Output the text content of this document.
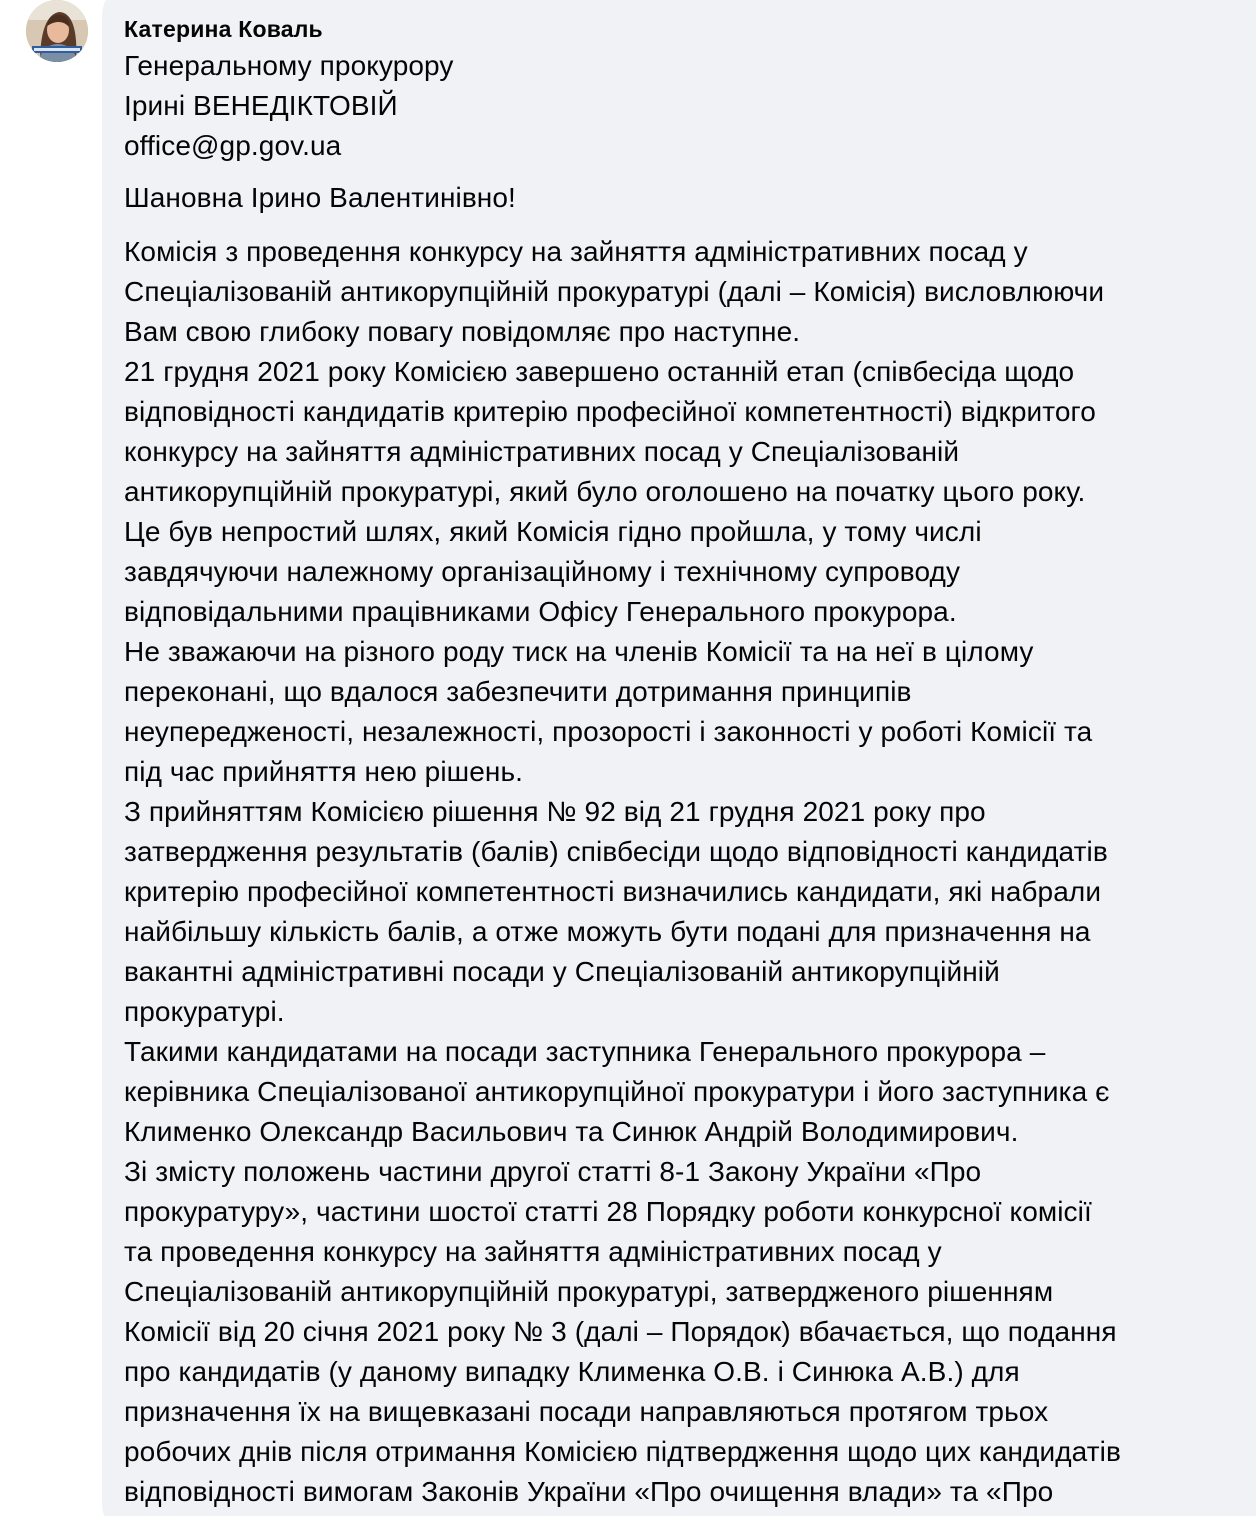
Катерина Коваль

Генеральному прокурору

Ірині ВЕНЕДІКТОВІЙ

office@gp.gov.ua

Шановна Ірино Валентинівно!

Комісія з проведення конкурсу на зайняття адміністративних посад у

Спеціалізованій антикорупційній прокуратурі (далі – Комісія) висловлюючи

Вам свою глибоку повагу повідомляє про наступне.

21 грудня 2021 року Комісією завершено останній етап (співбесіда щодо

відповідності кандидатів критерію професійної компетентності) відкритого

конкурсу на зайняття адміністративних посад у Спеціалізованій

антикорупційній прокуратурі, який було оголошено на початку цього року.

Це був непростий шлях, який Комісія гідно пройшла, у тому числі

завдячуючи належному організаційному і технічному супроводу

відповідальними працівниками Офісу Генерального прокурора.

Не зважаючи на різного роду тиск на членів Комісії та на неї в цілому

переконані, що вдалося забезпечити дотримання принципів

неупередженості, незалежності, прозорості і законності у роботі Комісії та

під час прийняття нею рішень.

З прийняттям Комісією рішення № 92 від 21 грудня 2021 року про

затвердження результатів (балів) співбесіди щодо відповідності кандидатів

критерію професійної компетентності визначились кандидати, які набрали

найбільшу кількість балів, а отже можуть бути подані для призначення на

вакантні адміністративні посади у Спеціалізованій антикорупційній

прокуратурі.

Такими кандидатами на посади заступника Генерального прокурора –

керівника Спеціалізованої антикорупційної прокуратури і його заступника є

Клименко Олександр Васильович та Синюк Андрій Володимирович.

Зі змісту положень частини другої статті 8-1 Закону України «Про

прокуратуру», частини шостої статті 28 Порядку роботи конкурсної комісії

та проведення конкурсу на зайняття адміністративних посад у

Спеціалізованій антикорупційній прокуратурі, затвердженого рішенням

Комісії від 20 січня 2021 року № 3 (далі – Порядок) вбачається, що подання

про кандидатів (у даному випадку Клименка О.В. і Синюка А.В.) для

призначення їх на вищевказані посади направляються протягом трьох

робочих днів після отримання Комісією підтвердження щодо цих кандидатів

відповідності вимогам Законів України «Про очищення влади» та «Про
